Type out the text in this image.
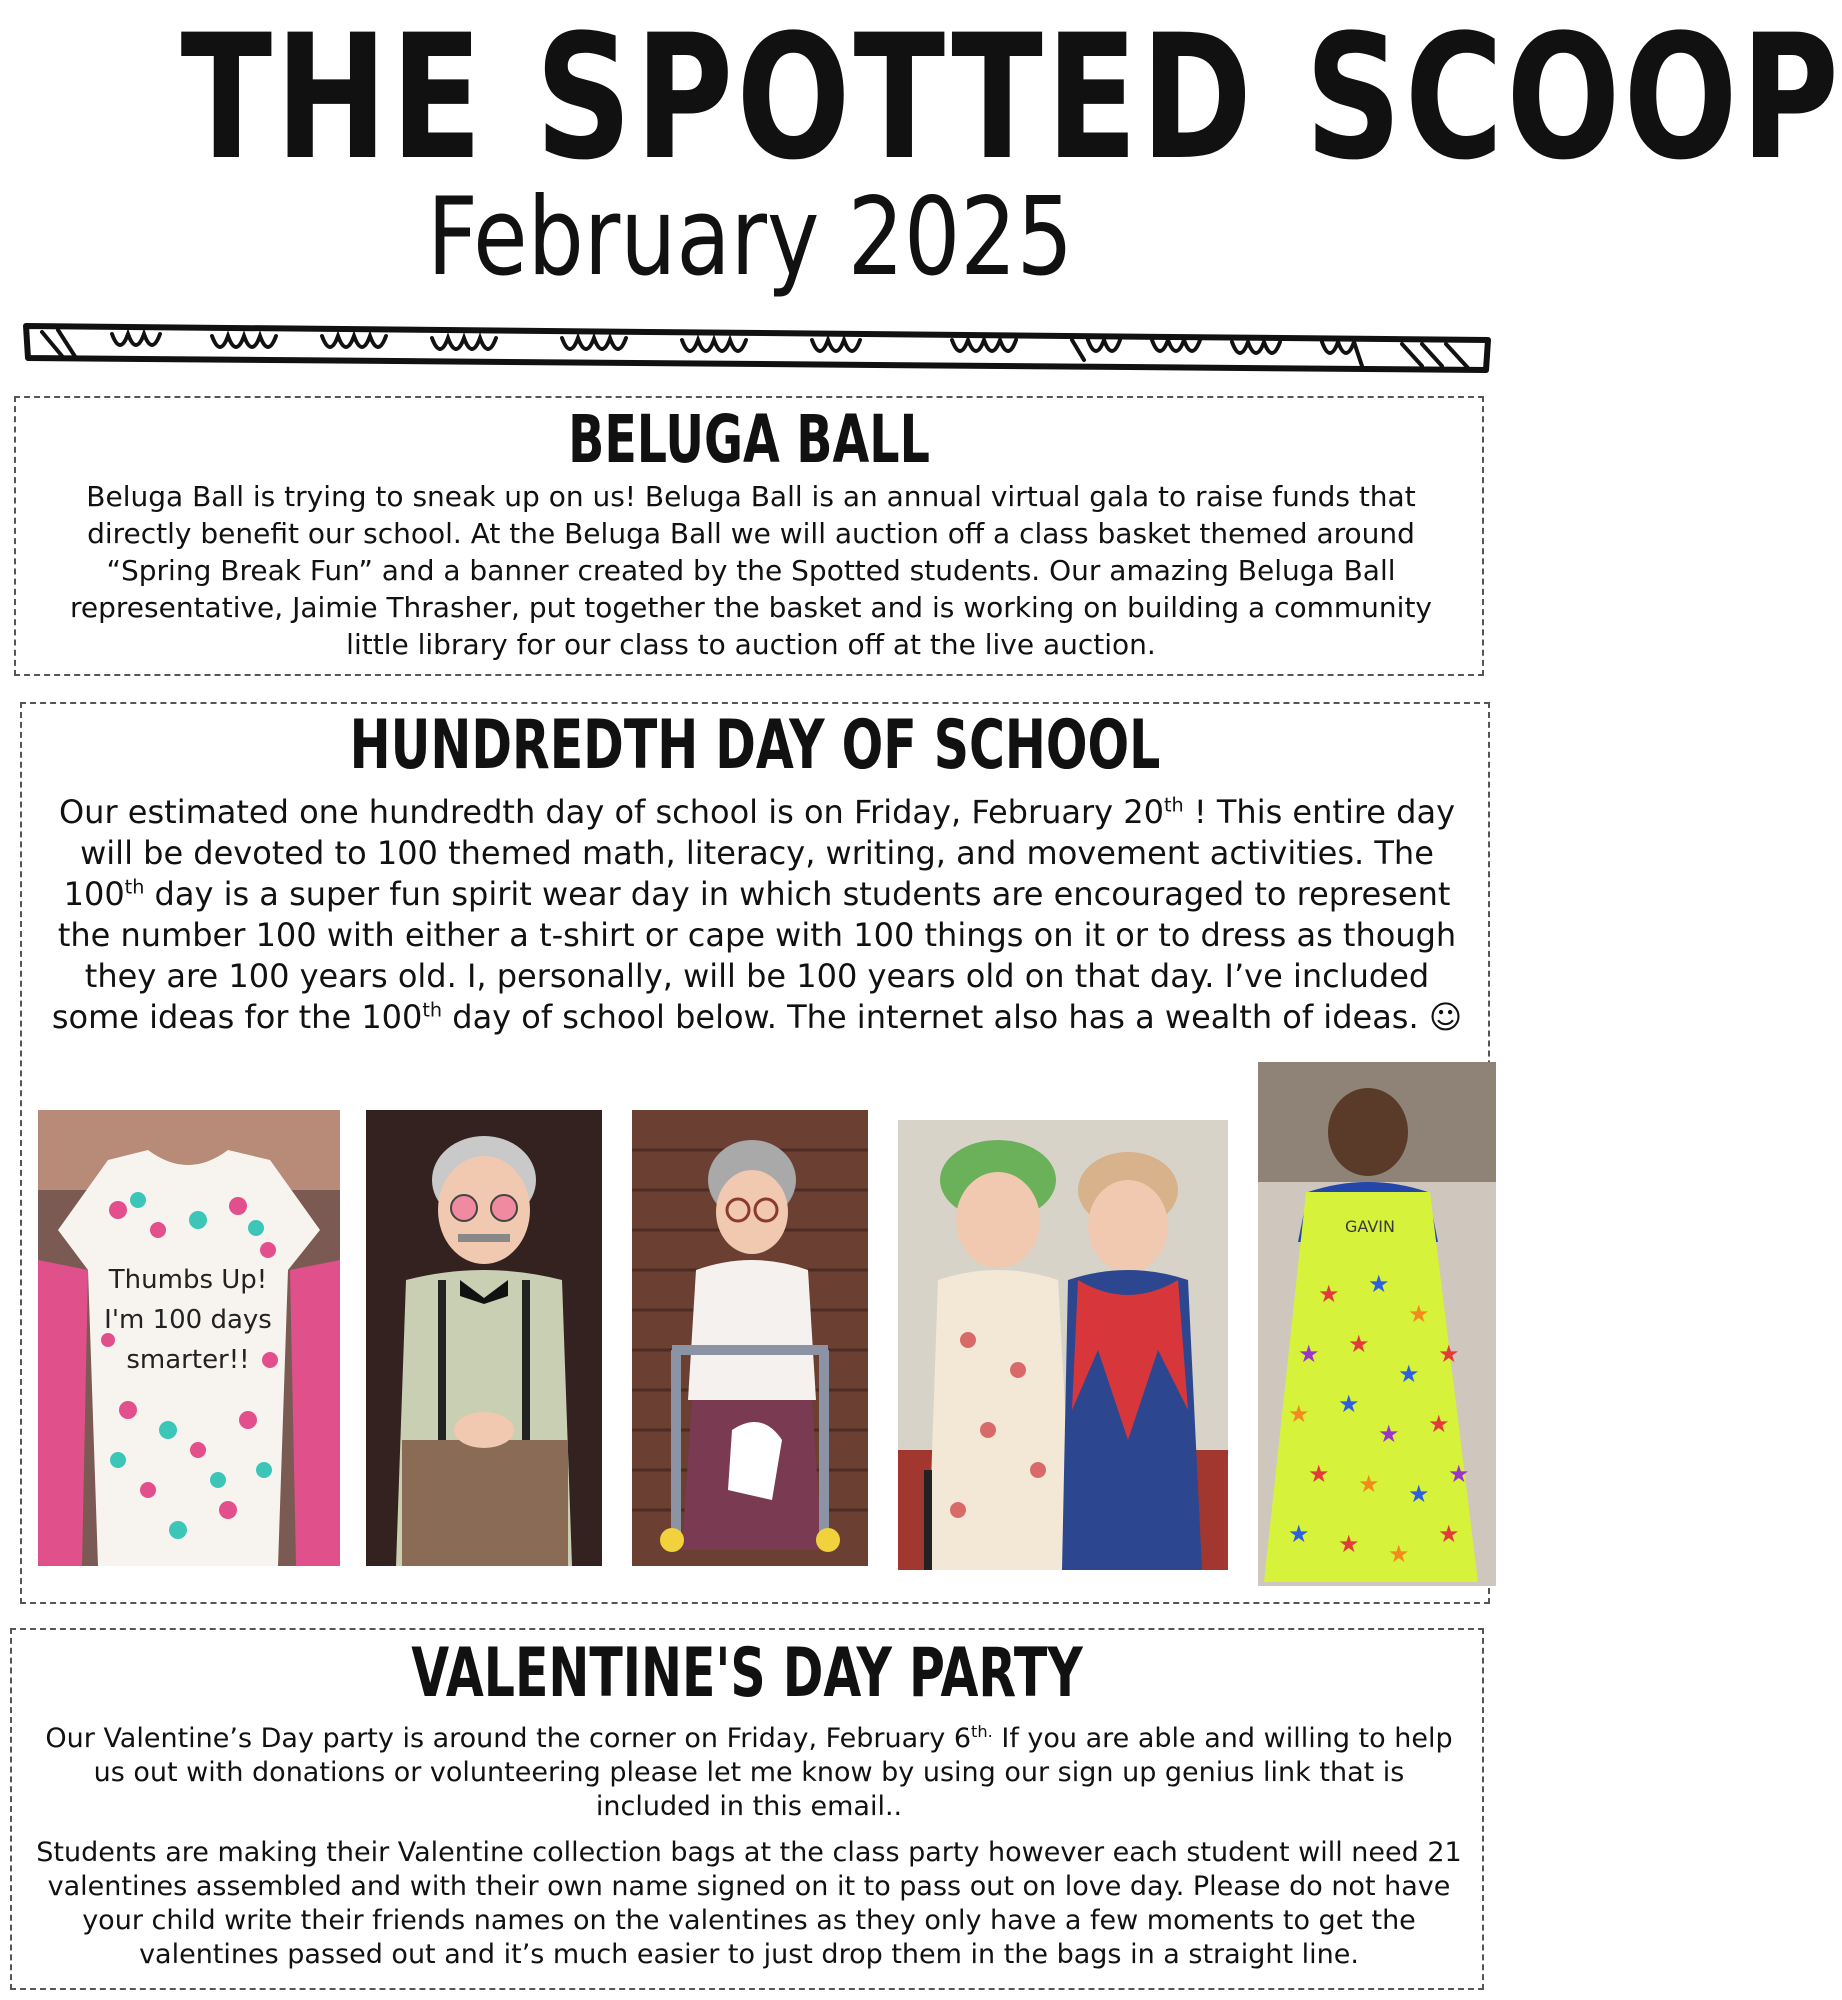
THE SPOTTED SCOOP
February 2025
BELUGA BALL
Beluga Ball is trying to sneak up on us! Beluga Ball is an annual virtual gala to raise funds that directly benefit our school. At the Beluga Ball we will auction off a class basket themed around “Spring Break Fun” and a banner created by the Spotted students. Our amazing Beluga Ball representative, Jaimie Thrasher, put together the basket and is working on building a community little library for our class to auction off at the live auction.
HUNDREDTH DAY OF SCHOOL
Our estimated one hundredth day of school is on Friday, February 20th ! This entire day will be devoted to 100 themed math, literacy, writing, and movement activities. The 100th day is a super fun spirit wear day in which students are encouraged to represent the number 100 with either a t-shirt or cape with 100 things on it or to dress as though they are 100 years old. I, personally, will be 100 years old on that day. I’ve included some ideas for the 100th day of school below. The internet also has a wealth of ideas. ☺
Thumbs Up!
I'm 100 days
smarter!!
GAVIN
★ ★
★
★ ★
★
★
★ ★
★ ★
★ ★ ★
★
★ ★ ★
★
VALENTINE'S DAY PARTY
Our Valentine’s Day party is around the corner on Friday, February $6^{th.}$ If you are able and willing to help us out with donations or volunteering please let me know by using our sign up genius link that is included in this email..
Students are making their Valentine collection bags at the class party however each student will need 21 valentines assembled and with their own name signed on it to pass out on love day. Please do not have your child write their friends names on the valentines as they only have a few moments to get the valentines passed out and it’s much easier to just drop them in the bags in a straight line.
